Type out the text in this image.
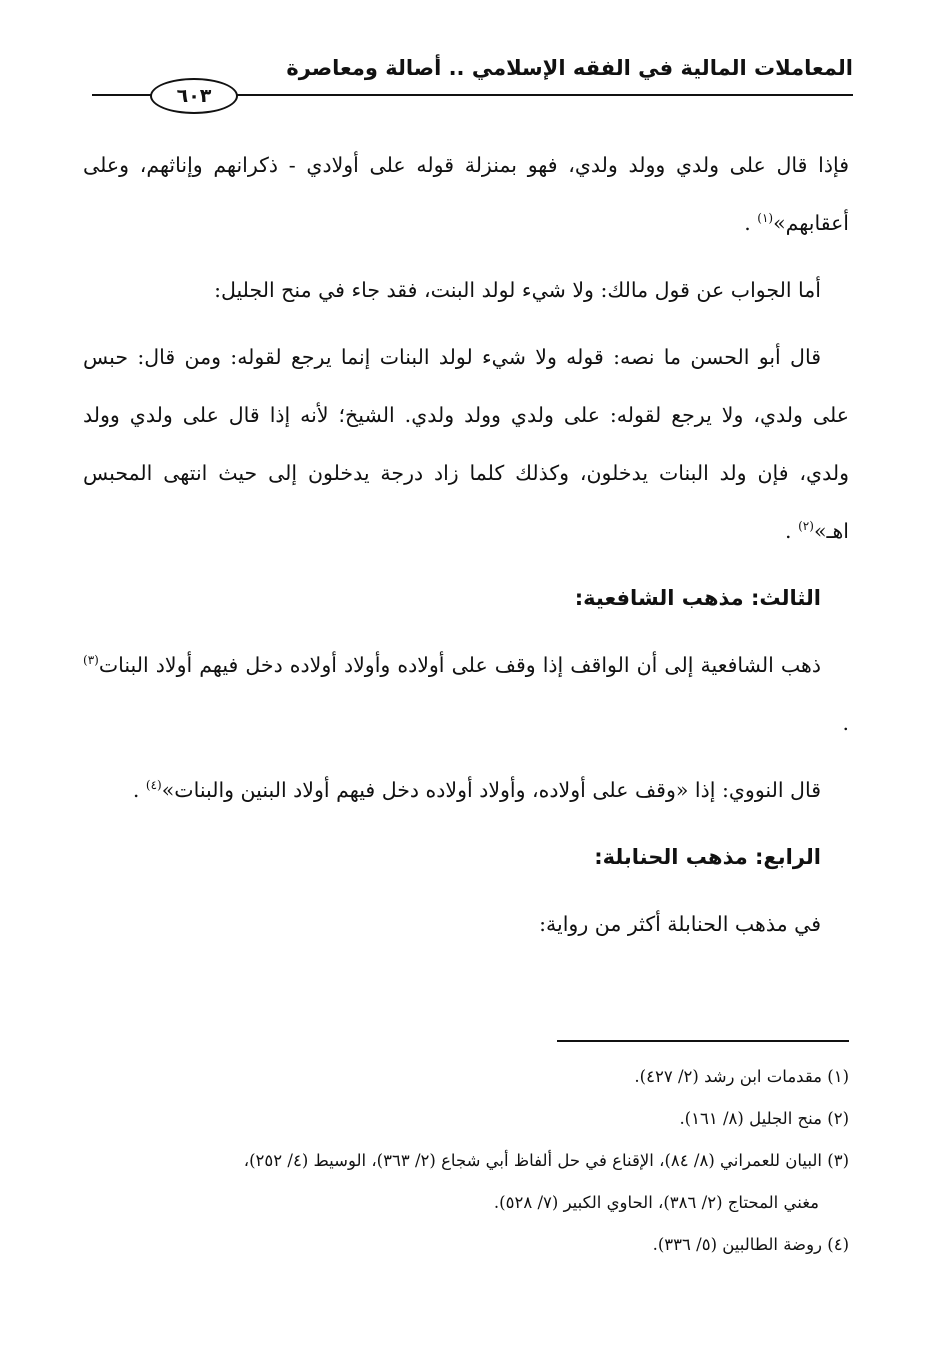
المعاملات المالية في الفقه الإسلامي .. أصالة ومعاصرة
٦٠٣

فإذا قال على ولدي وولد ولدي، فهو بمنزلة قوله على أولادي - ذكرانهم وإناثهم، وعلى أعقابهم»$^{(١)}$ .

أما الجواب عن قول مالك: ولا شيء لولد البنت، فقد جاء في منح الجليل:

قال أبو الحسن ما نصه: قوله ولا شيء لولد البنات إنما يرجع لقوله: ومن قال: حبس على ولدي، ولا يرجع لقوله: على ولدي وولد ولدي. الشيخ؛ لأنه إذا قال على ولدي وولد ولدي، فإن ولد البنات يدخلون، وكذلك كلما زاد درجة يدخلون إلى حيث انتهى المحبس اهـ»$^{(٢)}$ .

الثالث: مذهب الشافعية:

ذهب الشافعية إلى أن الواقف إذا وقف على أولاده وأولاد أولاده دخل فيهم أولاد البنات$^{(٣)}$ .

قال النووي: إذا «وقف على أولاده، وأولاد أولاده دخل فيهم أولاد البنين والبنات»$^{(٤)}$ .

الرابع: مذهب الحنابلة:

في مذهب الحنابلة أكثر من رواية:

(١) مقدمات ابن رشد (٢/ ٤٢٧).

(٢) منح الجليل (٨/ ١٦١).

(٣) البيان للعمراني (٨/ ٨٤)، الإقناع في حل ألفاظ أبي شجاع (٢/ ٣٦٣)، الوسيط (٤/ ٢٥٢)،

مغني المحتاج (٢/ ٣٨٦)، الحاوي الكبير (٧/ ٥٢٨).

(٤) روضة الطالبين (٥/ ٣٣٦).
